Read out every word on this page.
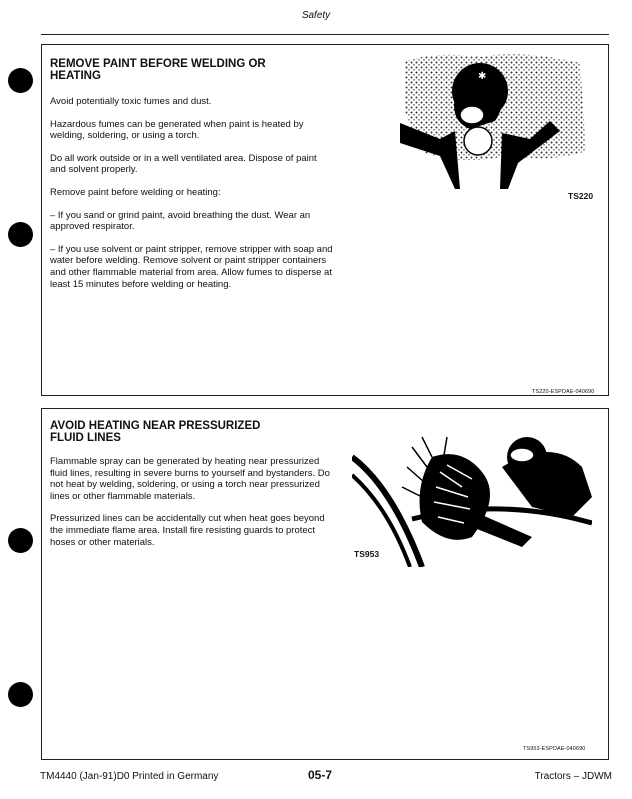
Safety
REMOVE PAINT BEFORE WELDING OR HEATING

Avoid potentially toxic fumes and dust.

Hazardous fumes can be generated when paint is heated by welding, soldering, or using a torch.

Do all work outside or in a well ventilated area. Dispose of paint and solvent properly.

Remove paint before welding or heating:

– If you sand or grind paint, avoid breathing the dust. Wear an approved respirator.

– If you use solvent or paint stripper, remove stripper with soap and water before welding. Remove solvent or paint stripper containers and other flammable material from area. Allow fumes to disperse at least 15 minutes before welding or heating.

✱
TS220
TS220-ESPDAE-040690
AVOID HEATING NEAR PRESSURIZED FLUID LINES

Flammable spray can be generated by heating near pressurized fluid lines, resulting in severe burns to yourself and bystanders. Do not heat by welding, soldering, or using a torch near pressurized lines or other flammable materials.

Pressurized lines can be accidentally cut when heat goes beyond the immediate flame area. Install fire resisting guards to protect hoses or other materials.

TS953
TS953-ESPDAE-040690
TM4440 (Jan-91)D0 Printed in Germany	05-7	Tractors – JDWM
